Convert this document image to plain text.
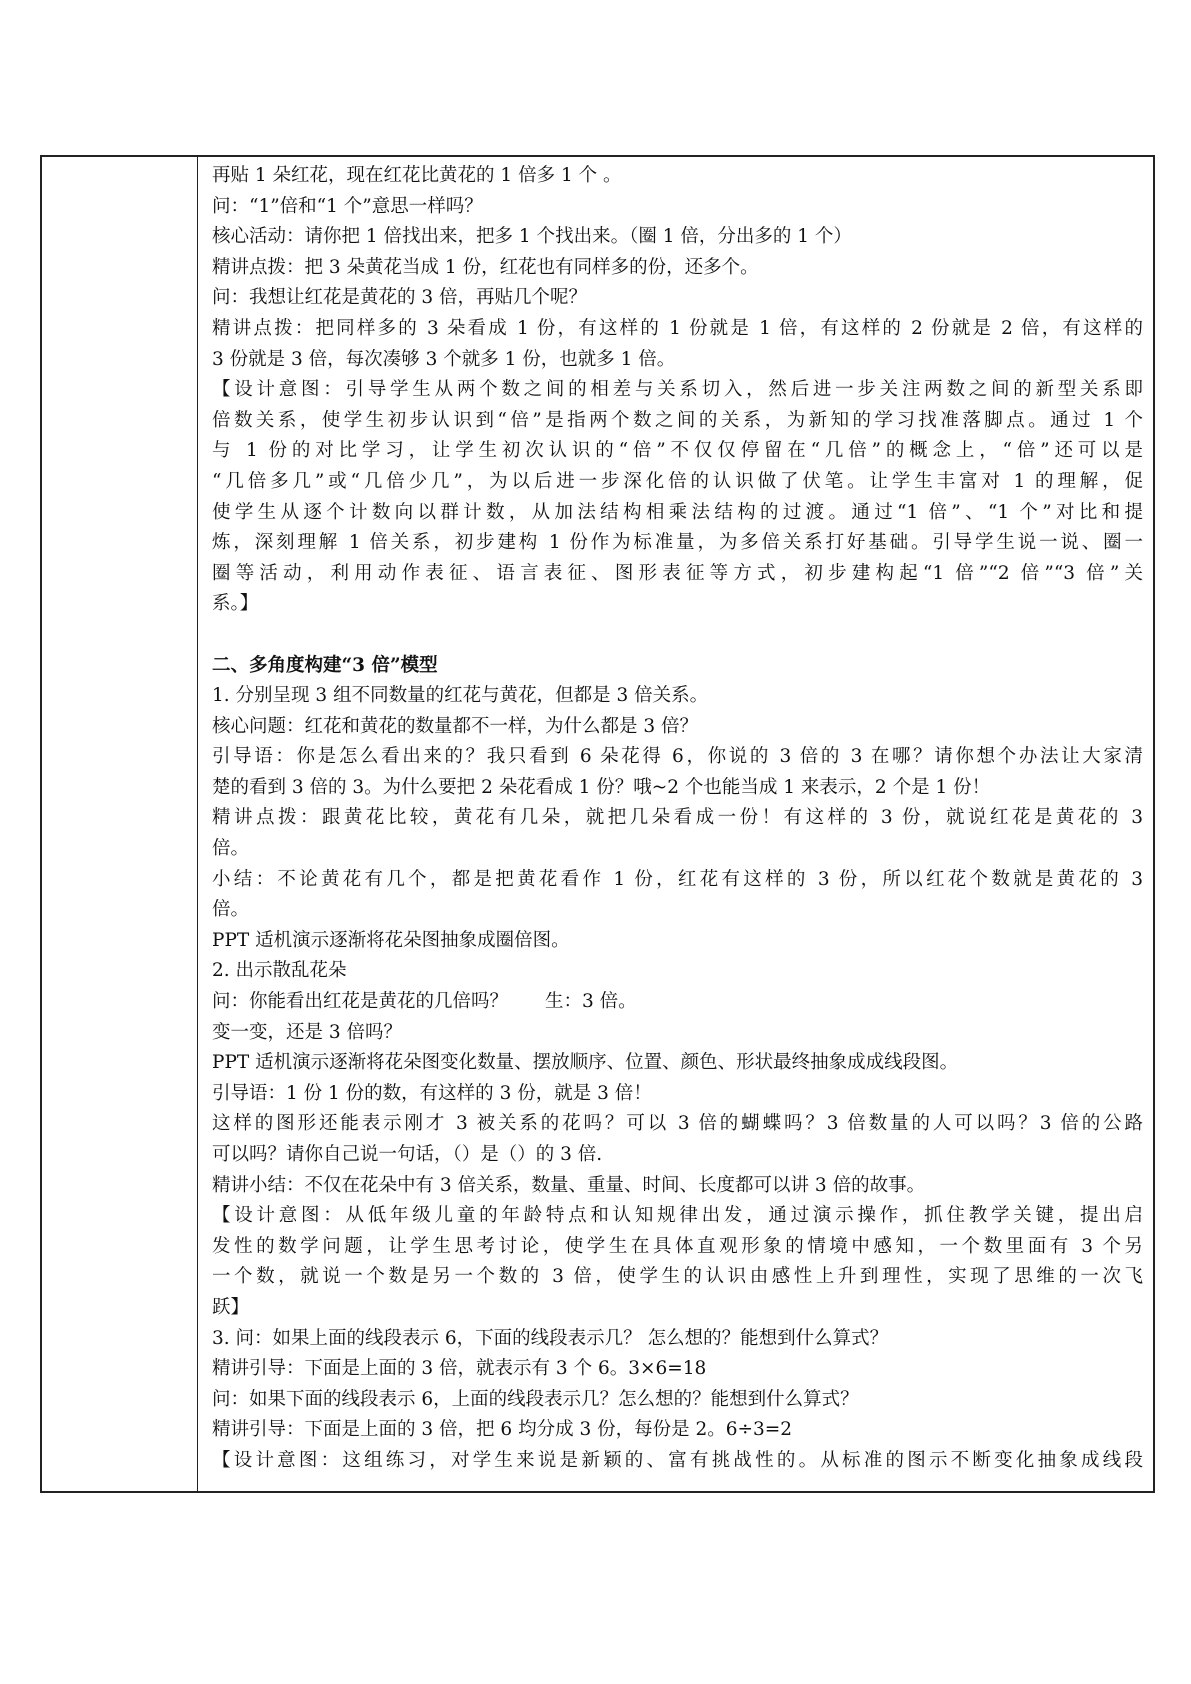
再贴 1 朵红花，现在红花比黄花的 1 倍多 1 个 。
问：“1”倍和“1 个”意思一样吗？
核心活动：请你把 1 倍找出来，把多 1 个找出来。（圈 1 倍，分出多的 1 个）
精讲点拨：把 3 朵黄花当成 1 份，红花也有同样多的份，还多个。
问：我想让红花是黄花的 3 倍，再贴几个呢？
精讲点拨：把同样多的 3 朵看成 1 份，有这样的 1 份就是 1 倍，有这样的 2 份就是 2 倍，有这样的
3 份就是 3 倍，每次凑够 3 个就多 1 份，也就多 1 倍。
【设计意图：引导学生从两个数之间的相差与关系切入，然后进一步关注两数之间的新型关系即
倍数关系，使学生初步认识到“倍”是指两个数之间的关系，为新知的学习找准落脚点。通过 1 个
与 1 份的对比学习，让学生初次认识的“倍”不仅仅停留在“几倍”的概念上，“倍”还可以是
“几倍多几”或“几倍少几”，为以后进一步深化倍的认识做了伏笔。让学生丰富对 1 的理解，促
使学生从逐个计数向以群计数，从加法结构相乘法结构的过渡。通过“1 倍”、“1 个”对比和提
炼，深刻理解 1 倍关系，初步建构 1 份作为标准量，为多倍关系打好基础。引导学生说一说、圈一
圈等活动，利用动作表征、语言表征、图形表征等方式，初步建构起“1 倍”“2 倍”“3 倍”关
系。】
二、多角度构建“3 倍”模型
1. 分别呈现 3 组不同数量的红花与黄花，但都是 3 倍关系。
核心问题：红花和黄花的数量都不一样，为什么都是 3 倍？
引导语：你是怎么看出来的？我只看到 6 朵花得 6，你说的 3 倍的 3 在哪？请你想个办法让大家清
楚的看到 3 倍的 3。为什么要把 2 朵花看成 1 份？哦~2 个也能当成 1 来表示，2 个是 1 份！
精讲点拨：跟黄花比较，黄花有几朵，就把几朵看成一份！有这样的 3 份，就说红花是黄花的 3
倍。
小结：不论黄花有几个，都是把黄花看作 1 份，红花有这样的 3 份，所以红花个数就是黄花的 3
倍。
PPT 适机演示逐渐将花朵图抽象成圈倍图。
2. 出示散乱花朵
问：你能看出红花是黄花的几倍吗？　　生：3 倍。
变一变，还是 3 倍吗？
PPT 适机演示逐渐将花朵图变化数量、摆放顺序、位置、颜色、形状最终抽象成成线段图。
引导语：1 份 1 份的数，有这样的 3 份，就是 3 倍！
这样的图形还能表示刚才 3 被关系的花吗？可以 3 倍的蝴蝶吗？3 倍数量的人可以吗？3 倍的公路
可以吗？请你自己说一句话，（）是（）的 3 倍.
精讲小结：不仅在花朵中有 3 倍关系，数量、重量、时间、长度都可以讲 3 倍的故事。
【设计意图：从低年级儿童的年龄特点和认知规律出发，通过演示操作，抓住教学关键，提出启
发性的数学问题，让学生思考讨论，使学生在具体直观形象的情境中感知，一个数里面有 3 个另
一个数，就说一个数是另一个数的 3 倍，使学生的认识由感性上升到理性，实现了思维的一次飞
跃】
3. 问：如果上面的线段表示 6，下面的线段表示几？ 怎么想的？能想到什么算式？
精讲引导：下面是上面的 3 倍，就表示有 3 个 6。3×6=18
问：如果下面的线段表示 6，上面的线段表示几？怎么想的？能想到什么算式？
精讲引导：下面是上面的 3 倍，把 6 均分成 3 份，每份是 2。6÷3=2
【设计意图：这组练习，对学生来说是新颖的、富有挑战性的。从标准的图示不断变化抽象成线段
